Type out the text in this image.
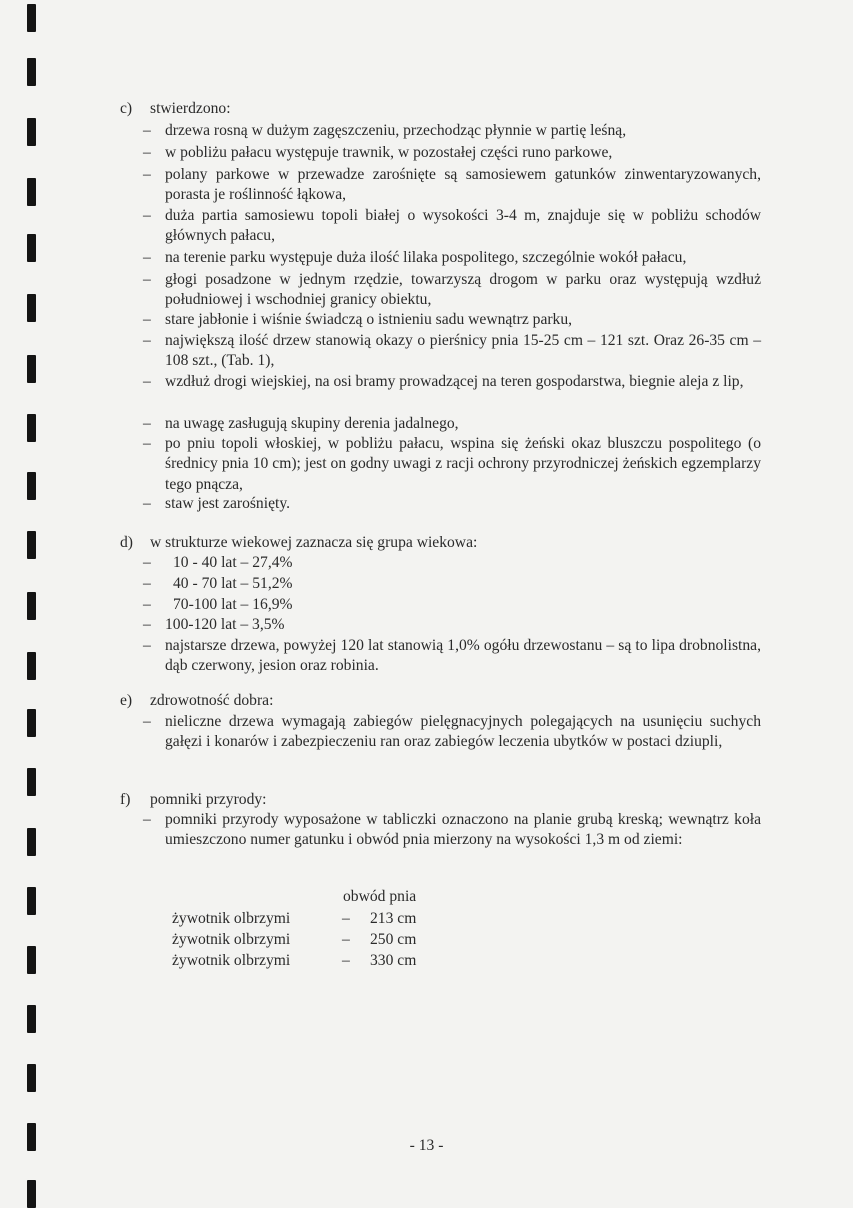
c)	stwierdzono:
– drzewa rosną w dużym zagęszczeniu, przechodząc płynnie w partię leśną,
– w pobliżu pałacu występuje trawnik, w pozostałej części runo parkowe,
– polany parkowe w przewadze zarośnięte są samosiewem gatunków zinwentaryzowanych, porasta je roślinność łąkowa,
– duża partia samosiewu topoli białej o wysokości 3-4 m, znajduje się w pobliżu schodów głównych pałacu,
– na terenie parku występuje duża ilość lilaka pospolitego, szczególnie wokół pałacu,
– głogi posadzone w jednym rzędzie, towarzyszą drogom w parku oraz występują wzdłuż południowej i wschodniej granicy obiektu,
– stare jabłonie i wiśnie świadczą o istnieniu sadu wewnątrz parku,
– największą ilość drzew stanowią okazy o pierśnicy pnia 15-25 cm – 121 szt. Oraz 26-35 cm – 108 szt., (Tab. 1),
– wzdłuż drogi wiejskiej, na osi bramy prowadzącej na teren gospodarstwa, biegnie aleja z lip,
– na uwagę zasługują skupiny derenia jadalnego,
– po pniu topoli włoskiej, w pobliżu pałacu, wspina się żeński okaz bluszczu pospolitego (o średnicy pnia 10 cm); jest on godny uwagi z racji ochrony przyrodniczej żeńskich egzemplarzy tego pnącza,
– staw jest zarośnięty.
d)	w strukturze wiekowej zaznacza się grupa wiekowa:
– 10 - 40 lat – 27,4%
– 40 - 70 lat – 51,2%
– 70-100 lat – 16,9%
– 100-120 lat – 3,5%
– najstarsze drzewa, powyżej 120 lat stanowią 1,0% ogółu drzewostanu – są to lipa drobnolistna, dąb czerwony, jesion oraz robinia.
e)	zdrowotność dobra:
– nieliczne drzewa wymagają zabiegów pielęgnacyjnych polegających na usunięciu suchych gałęzi i konarów i zabezpieczeniu ran oraz zabiegów leczenia ubytków w postaci dziupli,
f)	pomniki przyrody:
– pomniki przyrody wyposażone w tabliczki oznaczono na planie grubą kreską; wewnątrz koła umieszczono numer gatunku i obwód pnia mierzony na wysokości 1,3 m od ziemi:
obwód pnia
żywotnik olbrzymi	– 213 cm
żywotnik olbrzymi	– 250 cm
żywotnik olbrzymi	– 330 cm
- 13 -
